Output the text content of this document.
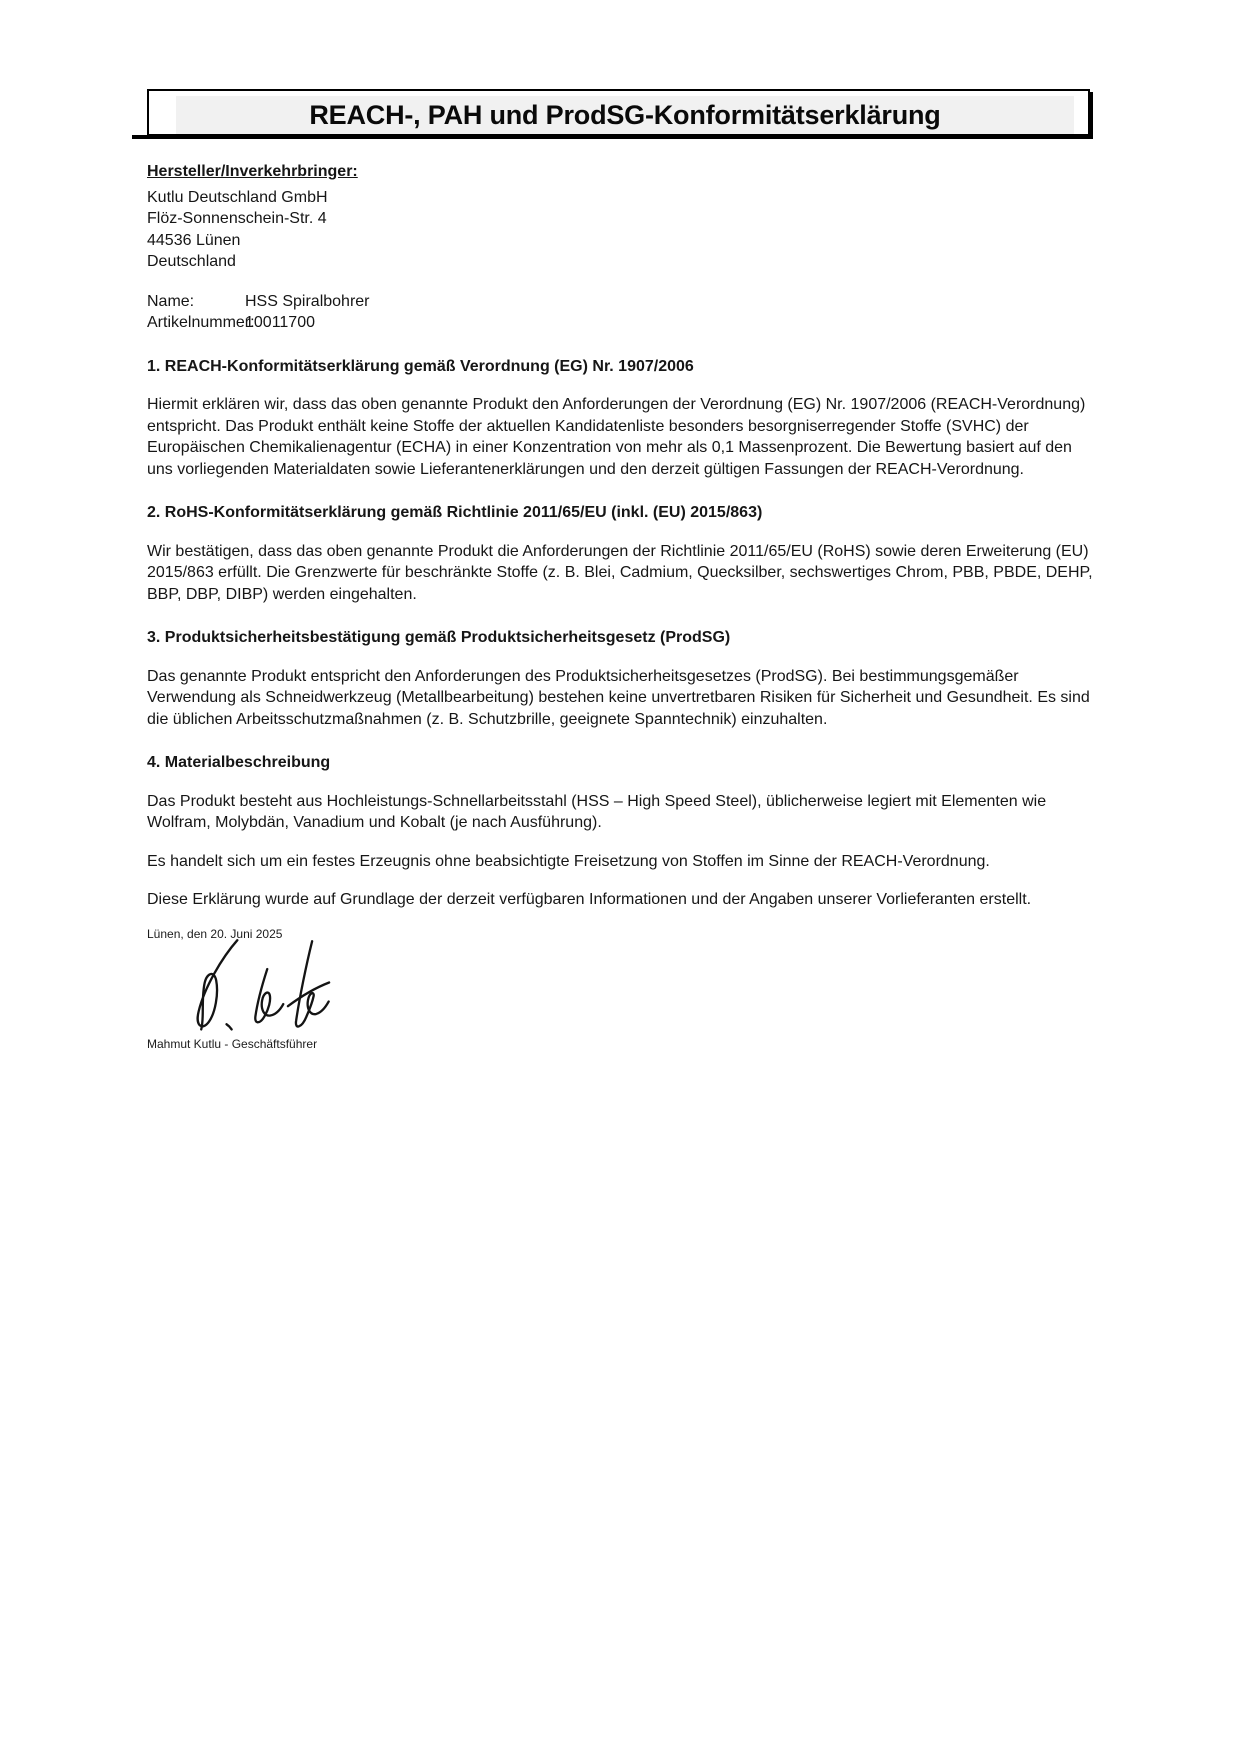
REACH-, PAH und ProdSG-Konformitätserklärung
Hersteller/Inverkehrbringer:
Kutlu Deutschland GmbH
Flöz-Sonnenschein-Str. 4
44536 Lünen
Deutschland
Name:	HSS Spiralbohrer
Artikelnummer:
10011700
1. REACH-Konformitätserklärung gemäß Verordnung (EG) Nr. 1907/2006

Hiermit erklären wir, dass das oben genannte Produkt den Anforderungen der Verordnung (EG) Nr. 1907/2006 (REACH-Verordnung) entspricht. Das Produkt enthält keine Stoffe der aktuellen Kandidatenliste besonders besorgniserregender Stoffe (SVHC) der Europäischen Chemikalienagentur (ECHA) in einer Konzentration von mehr als 0,1 Massenprozent. Die Bewertung basiert auf den uns vorliegenden Materialdaten sowie Lieferantenerklärungen und den derzeit gültigen Fassungen der REACH-Verordnung.

2. RoHS-Konformitätserklärung gemäß Richtlinie 2011/65/EU (inkl. (EU) 2015/863)

Wir bestätigen, dass das oben genannte Produkt die Anforderungen der Richtlinie 2011/65/EU (RoHS) sowie deren Erweiterung (EU) 2015/863 erfüllt. Die Grenzwerte für beschränkte Stoffe (z. B. Blei, Cadmium, Quecksilber, sechswertiges Chrom, PBB, PBDE, DEHP, BBP, DBP, DIBP) werden eingehalten.

3. Produktsicherheitsbestätigung gemäß Produktsicherheitsgesetz (ProdSG)

Das genannte Produkt entspricht den Anforderungen des Produktsicherheitsgesetzes (ProdSG). Bei bestimmungsgemäßer Verwendung als Schneidwerkzeug (Metallbearbeitung) bestehen keine unvertretbaren Risiken für Sicherheit und Gesundheit. Es sind die üblichen Arbeitsschutzmaßnahmen (z. B. Schutzbrille, geeignete Spanntechnik) einzuhalten.

4. Materialbeschreibung

Das Produkt besteht aus Hochleistungs-Schnellarbeitsstahl (HSS – High Speed Steel), üblicherweise legiert mit Elementen wie Wolfram, Molybdän, Vanadium und Kobalt (je nach Ausführung).

Es handelt sich um ein festes Erzeugnis ohne beabsichtigte Freisetzung von Stoffen im Sinne der REACH-Verordnung.

Diese Erklärung wurde auf Grundlage der derzeit verfügbaren Informationen und der Angaben unserer Vorlieferanten erstellt.

Lünen, den 20. Juni 2025
Mahmut Kutlu - Geschäftsführer
